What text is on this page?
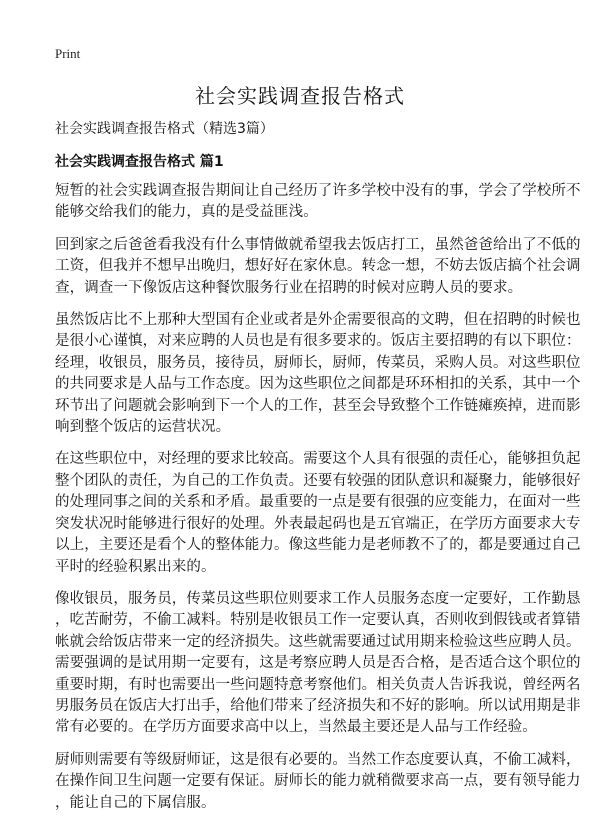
Print
社会实践调查报告格式
社会实践调查报告格式（精选3篇）
社会实践调查报告格式 篇1
短暂的社会实践调查报告期间让自己经历了许多学校中没有的事，学会了学校所不
能够交给我们的能力，真的是受益匪浅。
回到家之后爸爸看我没有什么事情做就希望我去饭店打工，虽然爸爸给出了不低的
工资，但我并不想早出晚归，想好好在家休息。转念一想，不妨去饭店搞个社会调
查，调查一下像饭店这种餐饮服务行业在招聘的时候对应聘人员的要求。
虽然饭店比不上那种大型国有企业或者是外企需要很高的文聘，但在招聘的时候也
是很小心谨慎，对来应聘的人员也是有很多要求的。饭店主要招聘的有以下职位：
经理，收银员，服务员，接待员，厨师长，厨师，传菜员，采购人员。对这些职位
的共同要求是人品与工作态度。因为这些职位之间都是环环相扣的关系，其中一个
环节出了问题就会影响到下一个人的工作，甚至会导致整个工作链瘫痪掉，进而影
响到整个饭店的运营状况。
在这些职位中，对经理的要求比较高。需要这个人具有很强的责任心，能够担负起
整个团队的责任，为自己的工作负责。还要有较强的团队意识和凝聚力，能够很好
的处理同事之间的关系和矛盾。最重要的一点是要有很强的应变能力，在面对一些
突发状况时能够进行很好的处理。外表最起码也是五官端正，在学历方面要求大专
以上，主要还是看个人的整体能力。像这些能力是老师教不了的，都是要通过自己
平时的经验积累出来的。
像收银员，服务员，传菜员这些职位则要求工作人员服务态度一定要好，工作勤恳
，吃苦耐劳，不偷工减料。特别是收银员工作一定要认真，否则收到假钱或者算错
帐就会给饭店带来一定的经济损失。这些就需要通过试用期来检验这些应聘人员。
需要强调的是试用期一定要有，这是考察应聘人员是否合格，是否适合这个职位的
重要时期，有时也需要出一些问题特意考察他们。相关负责人告诉我说，曾经两名
男服务员在饭店大打出手，给他们带来了经济损失和不好的影响。所以试用期是非
常有必要的。在学历方面要求高中以上，当然最主要还是人品与工作经验。
厨师则需要有等级厨师证，这是很有必要的。当然工作态度要认真，不偷工减料，
在操作间卫生问题一定要有保证。厨师长的能力就稍微要求高一点，要有领导能力
，能让自己的下属信服。
